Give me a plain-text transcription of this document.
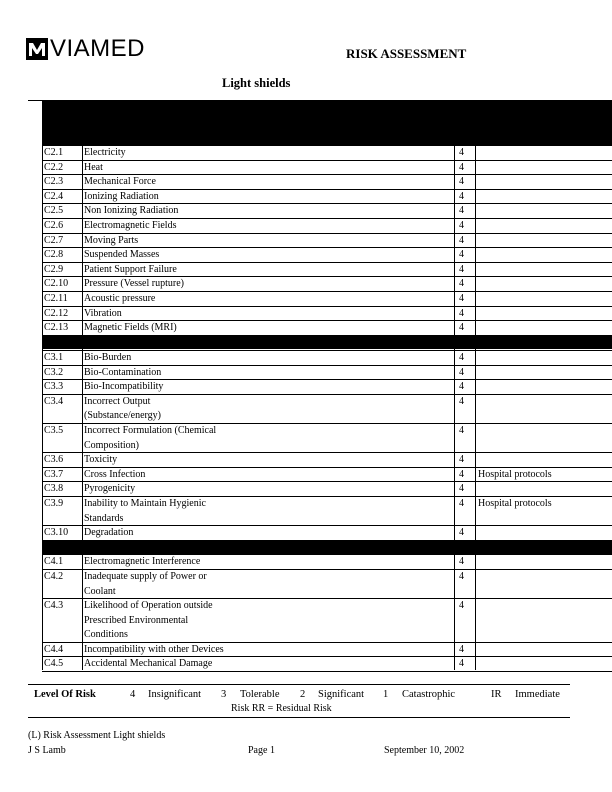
VIAMED	RISK ASSESSMENT
Light shields
C2.1 Electricity	4
C2.2 Heat	4
C2.3 Mechanical Force	4
C2.4 Ionizing Radiation	4
C2.5 Non Ionizing Radiation	4
C2.6 Electromagnetic Fields	4
C2.7 Moving Parts	4
C2.8 Suspended Masses	4
C2.9 Patient Support Failure	4
C2.10 Pressure (Vessel rupture)	4
C2.11 Acoustic pressure	4
C2.12 Vibration	4
C2.13 Magnetic Fields (MRI)	4
C3.1 Bio-Burden	4
C3.2 Bio-Contamination	4
C3.3 Bio-Incompatibility	4
C3.4 Incorrect Output
(Substance/energy)
4
C3.5 Incorrect Formulation (Chemical
Composition)
4
C3.6 Toxicity	4
C3.7 Cross Infection	4 Hospital protocols
C3.8 Pyrogenicity	4
C3.9 Inability to Maintain Hygienic
Standards
4 Hospital protocols
C3.10 Degradation	4
C4.1 Electromagnetic Interference	4
C4.2 Inadequate supply of Power or
Coolant
4
C4.3 Likelihood of Operation outside
Prescribed Environmental
Conditions
4
C4.4 Incompatibility with other Devices	4
C4.5 Accidental Mechanical Damage	4
Level Of Risk	4 Insignificant 3 Tolerable 2 Significant 1 Catastrophic	IR Immediate
Risk RR = Residual Risk
(L) Risk Assessment Light shields
J S Lamb	Page 1	September 10, 2002
